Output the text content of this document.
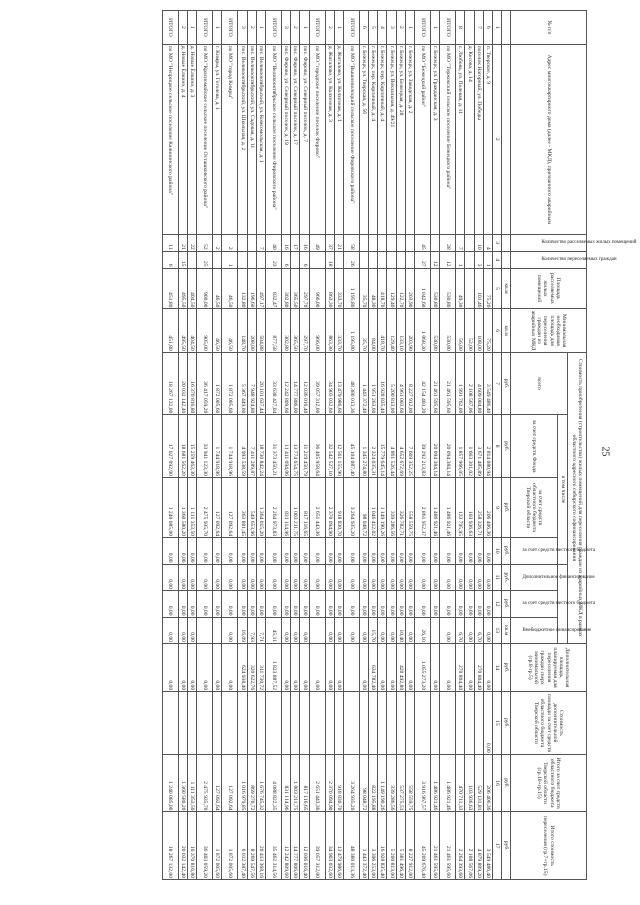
25
№ п/п	Адрес многоквартирного дома (далее - МКД), признанного аварийным	Количество расселяемых жилых помещений	Количество переселяемых граждан	Площадь расселяемых жилых помещений	Минимальная необходимая площадь для переселения граждан из аварийных МКД	Стоимость приобретения (строительства) жилых помещений для переселения граждан из аварийных МКД в рамках областного адресного сибирского софинансирования							Дополнительная площадь, планируемая для переселения граждан сверх минимальной (гр.8-гр.5)	Стоимость дополнительной площади за счет средств областного бюджета Тверской области	Итого за счет средств областного бюджета Тверской области (гр.10+гр.15)	Итого стоимость переселения (гр.7+гр.15)
						всего	в том числе									
							за счет средств Фонда	за счет средств областного бюджета Тверской области	за счет средств местного бюджета	Дополнительное финансирование	за счет средств местного бюджета	Внебюджетное финансирование				

				кв.м	кв.м	руб.	руб.	руб.	руб.	руб.	руб.	кв.м	руб.	руб.	руб.	руб.
1	2	3	4	5	6	7	8	9	10	11	12	13	14	15	16	17
6	п. Тверское, д. 9	4	1	75,20	75,20	3 549 486,40	2 814 080,94	206 406,36	0,00	0,00	0,00	0,00	0,00	0,00	206 406,36	3 549 486,40
7	поселок Нагорный, ул. Победы	10	3	101,46	108,00	4 609 004,80	3 671 485,89	258 326,71	0,00	0,00	0,00	6,70	270 804,40		529 131,81	4 879 809,20
	д. Кесова, д. 14				52,00	2 108 567,06	1 663 301,02	103 936,63	0,00	0,00	0,00	0,00	0,00		103 936,63	2 108 567,06
8	с. Любова, ул. Полевая, д. 11	7	1	49,30	56,00	1 991 762,00	1 857 966,05	133 795,95	0,00	0,00	0,00	6,70	270 804,40		470 711,33	2 264 393,60
ИТОГО	по МО "Торжокский сельское поселение Бежецкого района"	28	12	530,80	530,80	21 461 595,60	20 094 384,14	1 486 921,46	0,00	0,00	0,00	0,00	0,00		1 486 921,46	21 461 595,60
1	г. Бежецк, ул. Гражданская, д. 3		12	530,80	530,80	21 461 595,60	20 094 384,14	1 486 921,46	0,00	0,00	0,00		0,00		1 486 921,46	21 461 595,60
ИТОГО	по МО "Бежецкий район"	45	27	1 042,60	1 068,30	42 154 403,20	39 292 213,83	2 861 952,37	0,00	0,00	0,00	26,10	1 055 273,20		3 916 967,57	45 209 676,40
1	г. Бежецк, ул. Заводская, д. 2			203,90	203,90	8 227 912,00	7 669 352,25	558 559,75	0,00	0,00	0,00	0,00	0,00		558 559,75	8 227 912,00
2	г. Бежецк, ул. Бежецкая, д. 28			122,70	133,10	4 961 003,60	4 652 672,69	326 782,71	0,00	0,00	0,00	10,40	420 492,80		537 275,51	5 381 496,40
3	г. Бежецк, ул. Вокзальная, д. 49/21			129,40	129,40	5 200 813,00	4 861 526,44	339 286,56	0,00	0,00	0,00	0,00	0,00		339 286,56	5 200 813,00
4	г. Бежецк, пер. Кирпичный, д. 4			418,70	418,70	16 928 835,40	15 779 645,14	1 149 190,26	0,00	0,00	0,00	0,00	0,00		1 149 190,26	16 928 835,40
5	г. Бежецк, пер. Кирпичный, д. 4			48,30	84,00	1 951 263,60	2 324 035,31	1 046 412,02	0,00	0,00	0,00	15,70	634 782,40		822 195,88	3 396 253,00
6	г. Бежецк, ул. Тверская, д. 5б			35,70	35,70	1 443 372,40	1 345 274,80	98 048,72	0,00	0,00	0,00	0,00	0,00		98 048,72	1 443 372,40
ИТОГО	по МО "Вышневолоцкий сельское поселение Фировского района"	58	26	1 195,80	1 195,80	48 380 013,36	45 104 087,40	3 264 935,20	0,00	0,00	0,00	0,00			3 264 935,20	48 380 013,36
1	д. Жигалово, ул. Колхозная, д. 1	21		333,70	333,70	13 479 986,60	12 561 155,90	918 830,70	0,00	0,00	0,00	0,00	0,00		918 830,70	13 479 986,60
2	д. Жигалово, ул. Колхозная, д. 3	37	18	863,30	863,30	34 903 032,60	32 542 527,10	2 370 094,90	0,00	0,00	0,00	0,00	0,00		2 370 094,90	34 903 032,60
ИТОГО	по МО "городское поселение поселок Фирово"	49		966,00	966,00	39 057 312,00	36 405 958,64	2 651 443,36	0,00	0,00	0,00		0,00		2 651 443,36	39 057 312,00
1	пос. Фирово, ул. Северный поселок, д. 7	16	6	297,70	297,70	12 036 016,40	11 219 450,79	817 116,65	0,00	0,00	0,00	0,00	0,00		817 116,65	12 036 016,40
2	пос. Фирово, ул. Северный поселок, д. 17	17		365,50	365,50	14 777 806,00	13 774 654,75	1 003 211,75	0,00	0,00	0,00	0,00	0,00		1 003 211,75	14 777 806,00
3	пос. Фирово, ул. Северный поселок, д. 19	16	6	302,80	302,80	12 242 809,60	11 411 694,06	831 114,96	0,00	0,00	0,00	0,00	0,00		831 114,96	12 242 809,60
ИТОГО	по МО "Великооктябрьское сельское поселение Фировского района"	40	23	832,47	877,58	33 638 427,04	31 373 450,21	2 264 973,83	0,00	0,00	0,00	45,11	1 823 887,52		4 088 822,35	35 462 314,56
1	пос. Великооктябрьский, ул. Комсомольская, д. 1	7		497,17	504,88	20 101 637,44	18 730 842,24	1 364 015,20	0,00	0,00	0,00	7,71	311 730,72		1 676 745,32	20 413 368,16
2	пос. Великооктябрьский, ул. Садовая, д. 11			196,60	208,00	7 948 924,80	7 411 289,87	549 653,96	0,00	0,00	0,00	7,93	320 622,76		869 270,72	8 269 547,56
3	пос. Великооктябрьский, ул. Школьная, д. 2			132,80	148,70	5 367 449,00	4 993 538,59	363 801,45	0,00	0,00	0,00	16,09	624 938,40		1 016 979,85	6 012 387,40
ИТОГО	по МО "город Кимры"	2	1	46,50	46,50	1 872 005,60	1 744 918,96	127 092,64	0,00	0,00	0,00	0,00	0,00		127 092,64	1 872 005,60
1	г. Кимры, ул. Гоголева, д. 1	2		46,50	46,50	1 872 005,60	1 744 918,96	127 092,64	0,00	0,00	0,00		0,00		127 092,64	1 872 005,60
ИТОГО	по МО "Красномайское сельское поселение Осташковского района"	52	25	900,00	905,00	36 417 059,20	33 941 123,30	2 475 935,70	0,00	0,00	0,00		0,00		2 475 935,70	36 403 059,20
1	д. Новые Ёлкино, д. 3	22		404,50	404,50	16 370 816,80	15 259 463,30	1 111 353,50	0,00	0,00	0,00	0,00	0,00		1 111 353,50	16 370 816,80
2	д. Новые Ёлкино, д. 4	21	15	495,50	495,50	20 032 142,40	18 681 562,20	1 360 580,20	0,00	0,00	0,00	0,00	0,00		1 360 580,20	20 032 142,40
ИТОГО	по МО "Неприцкое сельское поселение Калининского района"	11	6	451,80	451,80	18 267 132,00	17 027 092,00	1 240 085,00	0,00	0,00	0,00	0,00	0,00		1 240 085,00	18 267 132,00
